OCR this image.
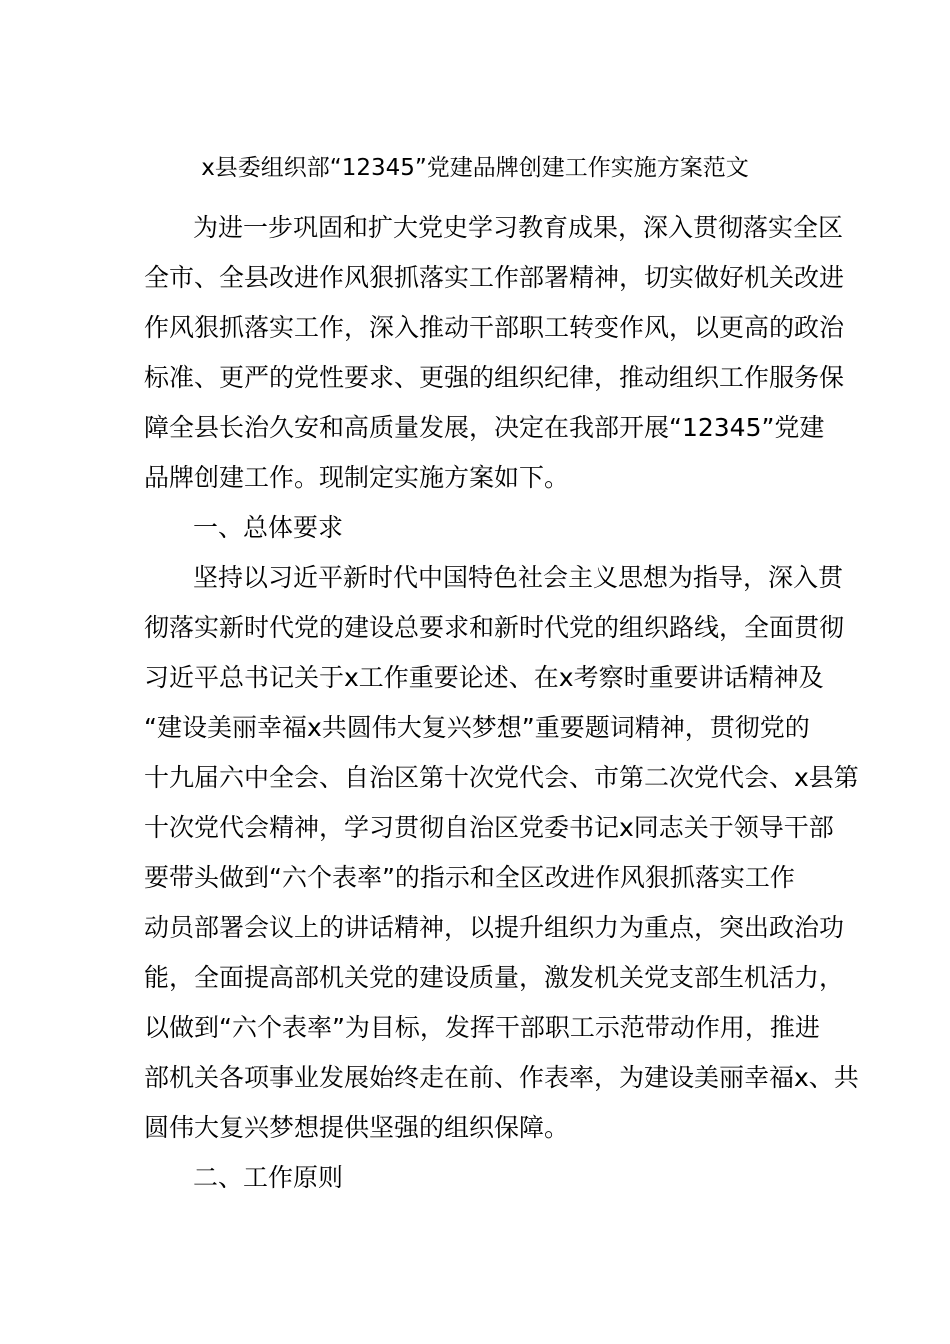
x县委组织部“12345”党建品牌创建工作实施方案范文
为进一步巩固和扩大党史学习教育成果，深入贯彻落实全区
全市、全县改进作风狠抓落实工作部署精神，切实做好机关改进
作风狠抓落实工作，深入推动干部职工转变作风，以更高的政治
标准、更严的党性要求、更强的组织纪律，推动组织工作服务保
障全县长治久安和高质量发展，决定在我部开展“12345”党建
品牌创建工作。现制定实施方案如下。
一、总体要求
坚持以习近平新时代中国特色社会主义思想为指导，深入贯
彻落实新时代党的建设总要求和新时代党的组织路线，全面贯彻
习近平总书记关于x工作重要论述、在x考察时重要讲话精神及
“建设美丽幸福x共圆伟大复兴梦想”重要题词精神，贯彻党的
十九届六中全会、自治区第十次党代会、市第二次党代会、x县第
十次党代会精神，学习贯彻自治区党委书记x同志关于领导干部
要带头做到“六个表率”的指示和全区改进作风狠抓落实工作
动员部署会议上的讲话精神，以提升组织力为重点，突出政治功
能，全面提高部机关党的建设质量，激发机关党支部生机活力，
以做到“六个表率”为目标，发挥干部职工示范带动作用，推进
部机关各项事业发展始终走在前、作表率，为建设美丽幸福x、共
圆伟大复兴梦想提供坚强的组织保障。
二、工作原则
